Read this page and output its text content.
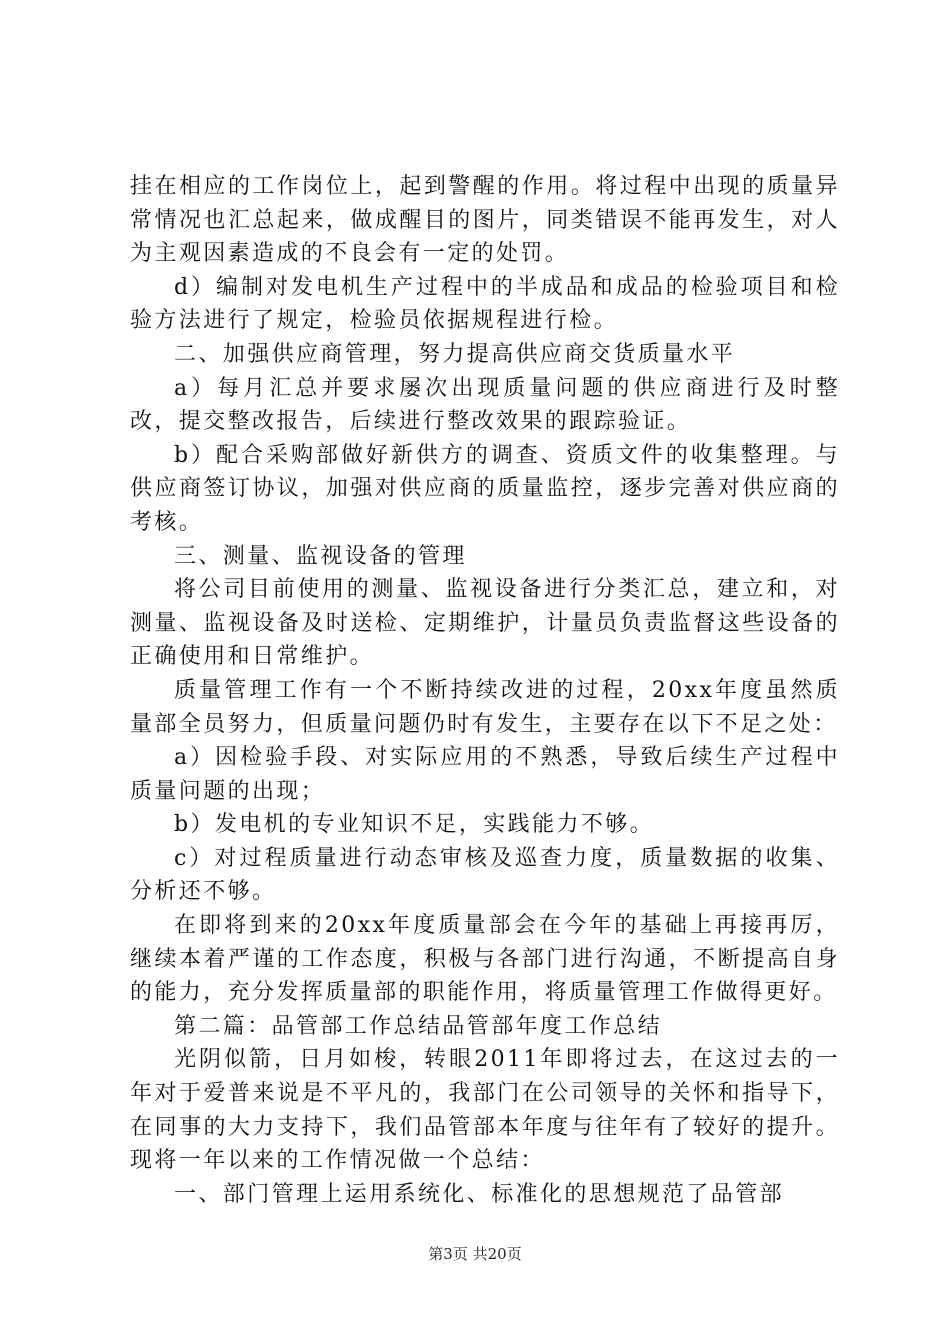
挂在相应的工作岗位上，起到警醒的作用。将过程中出现的质量异常情况也汇总起来，做成醒目的图片，同类错误不能再发生，对人为主观因素造成的不良会有一定的处罚。

d）编制对发电机生产过程中的半成品和成品的检验项目和检验方法进行了规定，检验员依据规程进行检。

二、加强供应商管理，努力提高供应商交货质量水平

a）每月汇总并要求屡次出现质量问题的供应商进行及时整改，提交整改报告，后续进行整改效果的跟踪验证。

b）配合采购部做好新供方的调查、资质文件的收集整理。与供应商签订协议，加强对供应商的质量监控，逐步完善对供应商的考核。

三、测量、监视设备的管理

将公司目前使用的测量、监视设备进行分类汇总，建立和，对测量、监视设备及时送检、定期维护，计量员负责监督这些设备的正确使用和日常维护。

质量管理工作有一个不断持续改进的过程，20xx年度虽然质量部全员努力，但质量问题仍时有发生，主要存在以下不足之处：

a）因检验手段、对实际应用的不熟悉，导致后续生产过程中质量问题的出现；

b）发电机的专业知识不足，实践能力不够。

c）对过程质量进行动态审核及巡查力度，质量数据的收集、分析还不够。

在即将到来的20xx年度质量部会在今年的基础上再接再厉，继续本着严谨的工作态度，积极与各部门进行沟通，不断提高自身的能力，充分发挥质量部的职能作用，将质量管理工作做得更好。

第二篇：品管部工作总结品管部年度工作总结

光阴似箭，日月如梭，转眼2011年即将过去，在这过去的一年对于爱普来说是不平凡的，我部门在公司领导的关怀和指导下，在同事的大力支持下，我们品管部本年度与往年有了较好的提升。现将一年以来的工作情况做一个总结：

一、部门管理上运用系统化、标准化的思想规范了品管部

第3页 共20页
